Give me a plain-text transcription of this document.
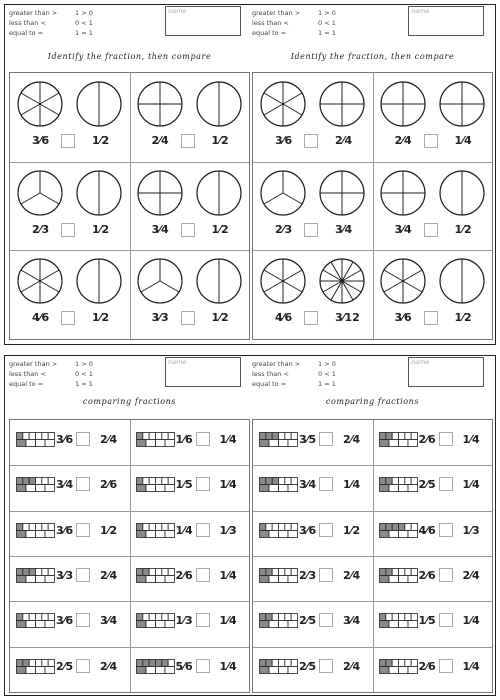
greater than >	1 > 0
less than <	0 < 1
equal to =	1 = 1
name
Identify the fraction, then compare
3⁄6	1⁄2	2⁄4	1⁄2
2⁄3	1⁄2	3⁄4	1⁄2
4⁄6	1⁄2	3⁄3	1⁄2
greater than >	1 > 0
less than <	0 < 1
equal to =	1 = 1
name
Identify the fraction, then compare
3⁄6	2⁄4	2⁄4	1⁄4
2⁄3	3⁄4	3⁄4	1⁄2
4⁄6	3⁄12	3⁄6	1⁄2
greater than >	1 > 0
less than <	0 < 1
equal to =	1 = 1
name
comparing fractions
3⁄6 2⁄4	1⁄6 1⁄4
3⁄4 2⁄6	1⁄5 1⁄4
3⁄6 1⁄2	1⁄4 1⁄3
3⁄3 2⁄4	2⁄6 1⁄4
3⁄6 3⁄4	1⁄3 1⁄4
2⁄5 2⁄4	5⁄6 1⁄4
greater than >	1 > 0
less than <	0 < 1
equal to =	1 = 1
name
comparing fractions
3⁄5 2⁄4	2⁄6 1⁄4
3⁄4 1⁄4	2⁄5 1⁄4
3⁄6 1⁄2	4⁄6 1⁄3
2⁄3 2⁄4	2⁄6 2⁄4
2⁄5 3⁄4	1⁄5 1⁄4
2⁄5 2⁄4	2⁄6 1⁄4
